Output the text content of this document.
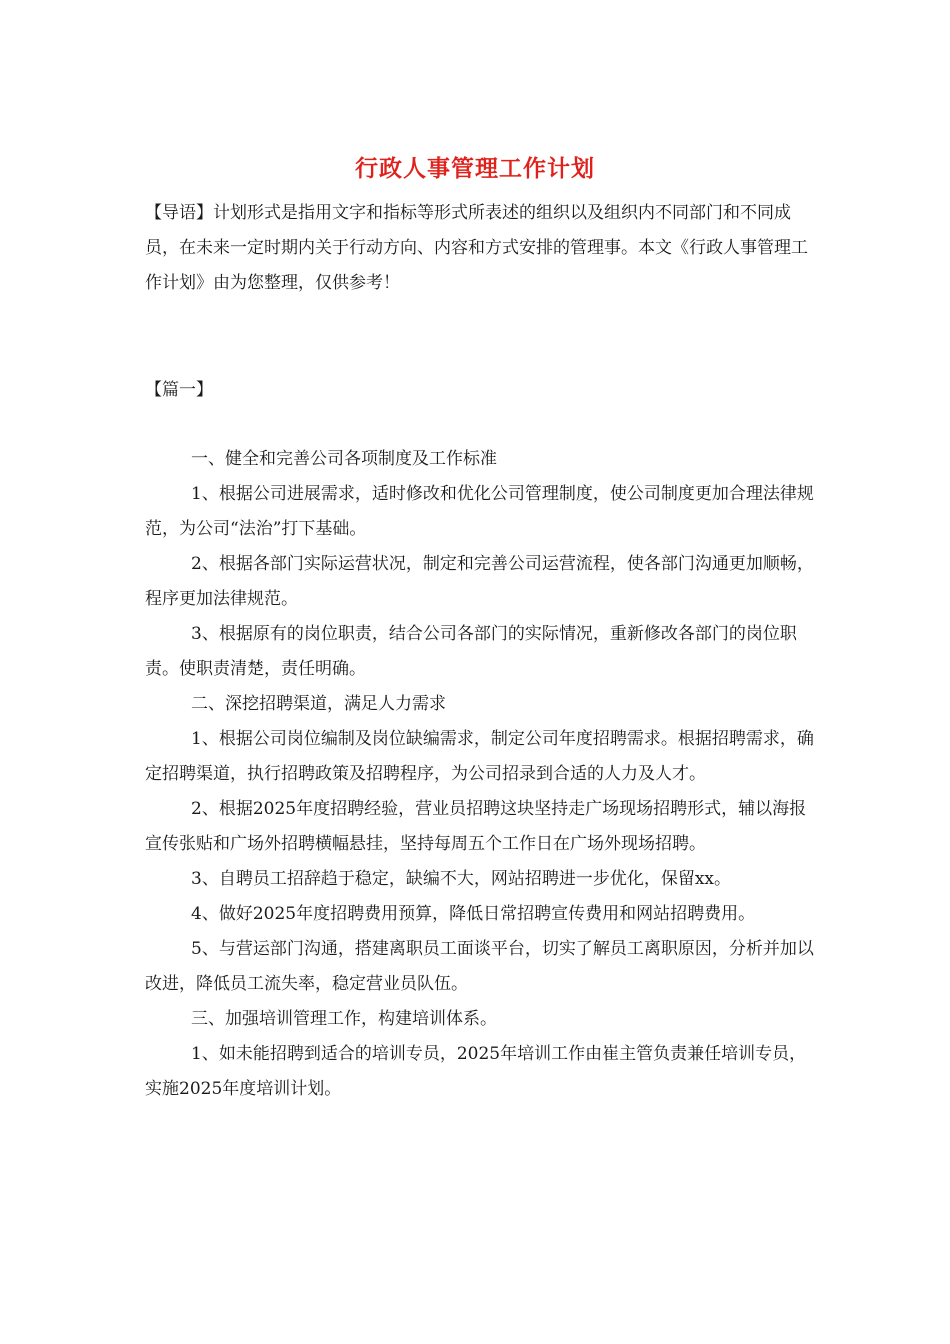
行政人事管理工作计划

【导语】计划形式是指用文字和指标等形式所表述的组织以及组织内不同部门和不同成员，在未来一定时期内关于行动方向、内容和方式安排的管理事。本文《行政人事管理工作计划》由为您整理，仅供参考！

【篇一】

一、健全和完善公司各项制度及工作标准

1、根据公司进展需求，适时修改和优化公司管理制度，使公司制度更加合理法律规范，为公司“法治”打下基础。

2、根据各部门实际运营状况，制定和完善公司运营流程，使各部门沟通更加顺畅，程序更加法律规范。

3、根据原有的岗位职责，结合公司各部门的实际情况，重新修改各部门的岗位职责。使职责清楚，责任明确。

二、深挖招聘渠道，满足人力需求

1、根据公司岗位编制及岗位缺编需求，制定公司年度招聘需求。根据招聘需求，确定招聘渠道，执行招聘政策及招聘程序，为公司招录到合适的人力及人才。

2、根据2025年度招聘经验，营业员招聘这块坚持走广场现场招聘形式，辅以海报宣传张贴和广场外招聘横幅悬挂，坚持每周五个工作日在广场外现场招聘。

3、自聘员工招辞趋于稳定，缺编不大，网站招聘进一步优化，保留xx。

4、做好2025年度招聘费用预算，降低日常招聘宣传费用和网站招聘费用。

5、与营运部门沟通，搭建离职员工面谈平台，切实了解员工离职原因，分析并加以改进，降低员工流失率，稳定营业员队伍。

三、加强培训管理工作，构建培训体系。

1、如未能招聘到适合的培训专员，2025年培训工作由崔主管负责兼任培训专员，实施2025年度培训计划。
